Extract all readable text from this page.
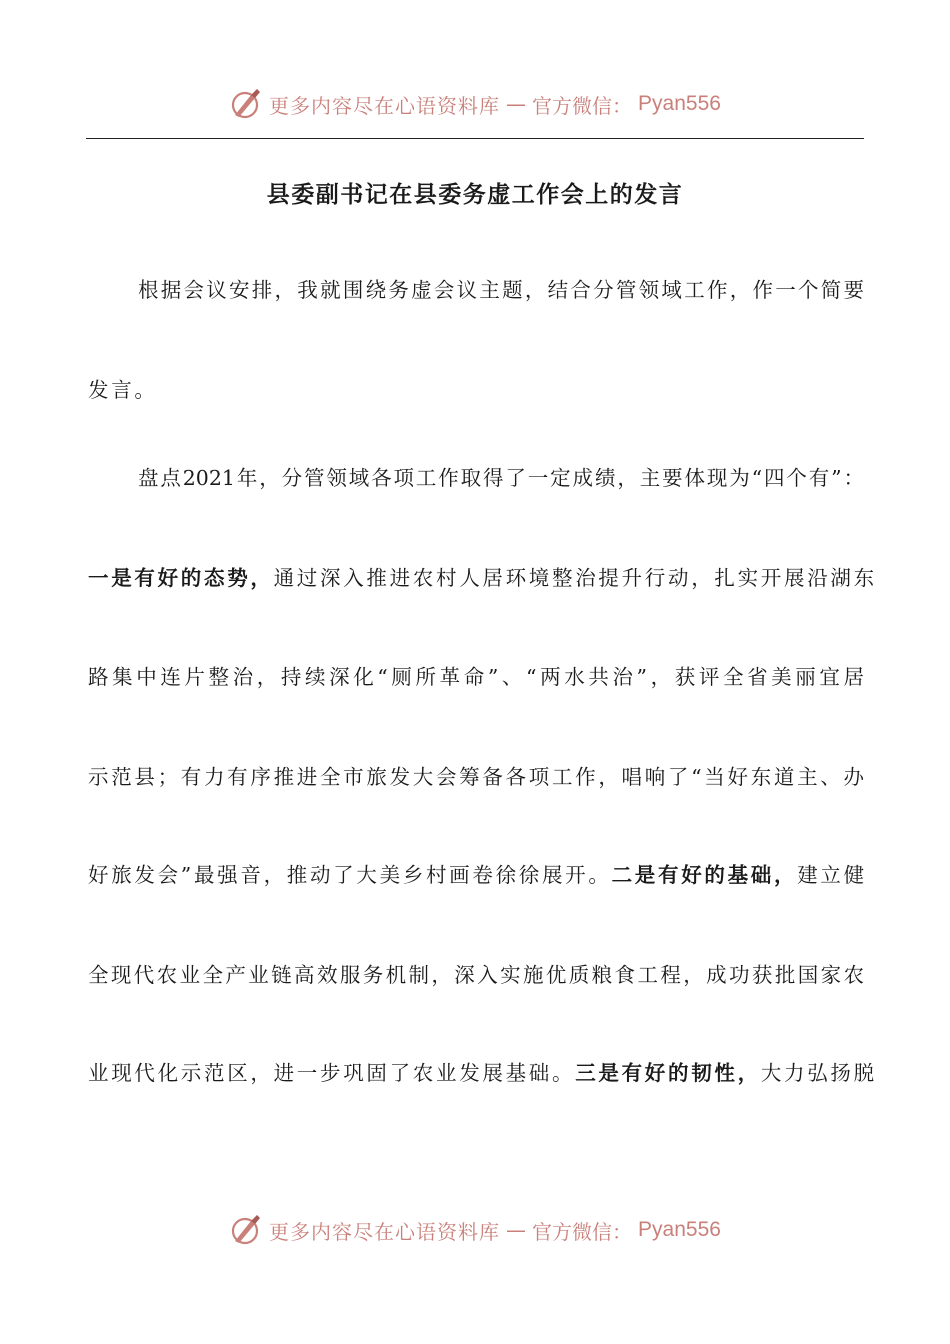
更多内容尽在心语资料库 — 官方微信： Pyan556
县委副书记在县委务虚工作会上的发言
根据会议安排，我就围绕务虚会议主题，结合分管领域工作，作一个简要
发言。
盘点2021年，分管领域各项工作取得了一定成绩，主要体现为“四个有”：
一是有好的态势，通过深入推进农村人居环境整治提升行动，扎实开展沿湖东
路集中连片整治，持续深化“厕所革命”、“两水共治”，获评全省美丽宜居
示范县；有力有序推进全市旅发大会筹备各项工作，唱响了“当好东道主、办
好旅发会”最强音，推动了大美乡村画卷徐徐展开。二是有好的基础，建立健
全现代农业全产业链高效服务机制，深入实施优质粮食工程，成功获批国家农
业现代化示范区，进一步巩固了农业发展基础。三是有好的韧性，大力弘扬脱
更多内容尽在心语资料库 — 官方微信： Pyan556
